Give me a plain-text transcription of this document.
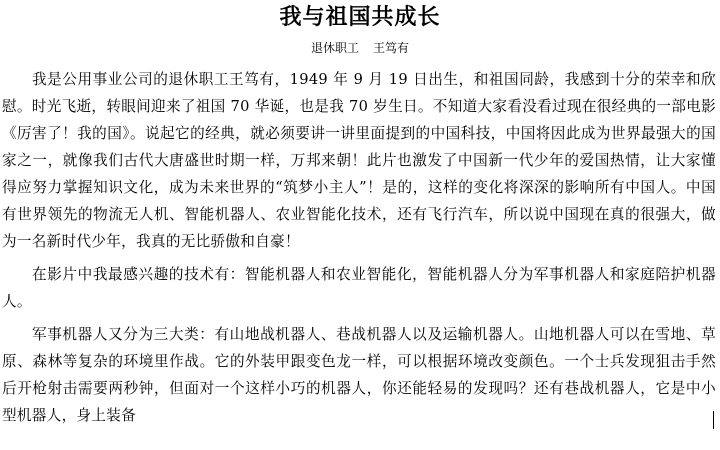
我与祖国共成长
退休职工 王笃有

我是公用事业公司的退休职工王笃有，1949 年 9 月 19 日出生，和祖国同龄，我感到十分的荣幸和欣慰。时光飞逝，转眼间迎来了祖国 70 华诞，也是我 70 岁生日。不知道大家看没看过现在很经典的一部电影《厉害了！我的国》。说起它的经典，就必须要讲一讲里面提到的中国科技，中国将因此成为世界最强大的国家之一，就像我们古代大唐盛世时期一样，万邦来朝！此片也激发了中国新一代少年的爱国热情，让大家懂得应努力掌握知识文化，成为未来世界的“筑梦小主人”！是的，这样的变化将深深的影响所有中国人。中国有世界领先的物流无人机、智能机器人、农业智能化技术，还有飞行汽车，所以说中国现在真的很强大，做为一名新时代少年，我真的无比骄傲和自豪！

在影片中我最感兴趣的技术有：智能机器人和农业智能化，智能机器人分为军事机器人和家庭陪护机器人。

军事机器人又分为三大类：有山地战机器人、巷战机器人以及运输机器人。山地机器人可以在雪地、草原、森林等复杂的环境里作战。它的外装甲跟变色龙一样，可以根据环境改变颜色。一个士兵发现狙击手然后开枪射击需要两秒钟，但面对一个这样小巧的机器人，你还能轻易的发现吗？还有巷战机器人，它是中小型机器人，身上装备
